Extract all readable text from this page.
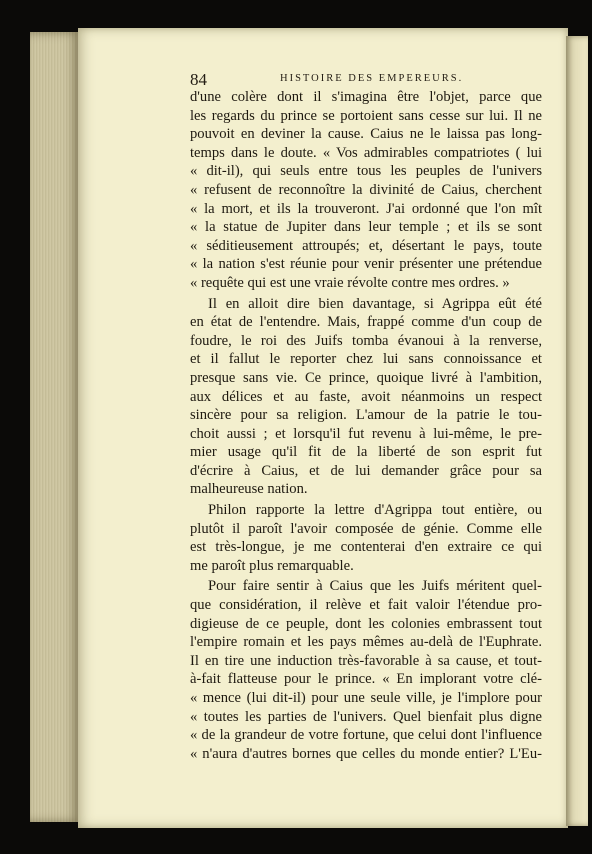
84	HISTOIRE DES EMPEREURS.
d'une colère dont il s'imagina être l'objet, parce que
les regards du prince se portoient sans cesse sur lui. Il ne
pouvoit en deviner la cause. Caius ne le laissa pas long-
temps dans le doute. « Vos admirables compatriotes ( lui
« dit-il), qui seuls entre tous les peuples de l'univers
« refusent de reconnoître la divinité de Caius, cherchent
« la mort, et ils la trouveront. J'ai ordonné que l'on mît
« la statue de Jupiter dans leur temple ; et ils se sont
« séditieusement attroupés; et, désertant le pays, toute
« la nation s'est réunie pour venir présenter une prétendue
« requête qui est une vraie révolte contre mes ordres. »
Il en alloit dire bien davantage, si Agrippa eût été
en état de l'entendre. Mais, frappé comme d'un coup de
foudre, le roi des Juifs tomba évanoui à la renverse,
et il fallut le reporter chez lui sans connoissance et
presque sans vie. Ce prince, quoique livré à l'ambition,
aux délices et au faste, avoit néanmoins un respect
sincère pour sa religion. L'amour de la patrie le tou-
choit aussi ; et lorsqu'il fut revenu à lui-même, le pre-
mier usage qu'il fit de la liberté de son esprit fut
d'écrire à Caius, et de lui demander grâce pour sa
malheureuse nation.
Philon rapporte la lettre d'Agrippa tout entière, ou
plutôt il paroît l'avoir composée de génie. Comme elle
est très-longue, je me contenterai d'en extraire ce qui
me paroît plus remarquable.
Pour faire sentir à Caius que les Juifs méritent quel-
que considération, il relève et fait valoir l'étendue pro-
digieuse de ce peuple, dont les colonies embrassent tout
l'empire romain et les pays mêmes au-delà de l'Euphrate.
Il en tire une induction très-favorable à sa cause, et tout-
à-fait flatteuse pour le prince. « En implorant votre clé-
« mence (lui dit-il) pour une seule ville, je l'implore pour
« toutes les parties de l'univers. Quel bienfait plus digne
« de la grandeur de votre fortune, que celui dont l'influence
« n'aura d'autres bornes que celles du monde entier? L'Eu-
